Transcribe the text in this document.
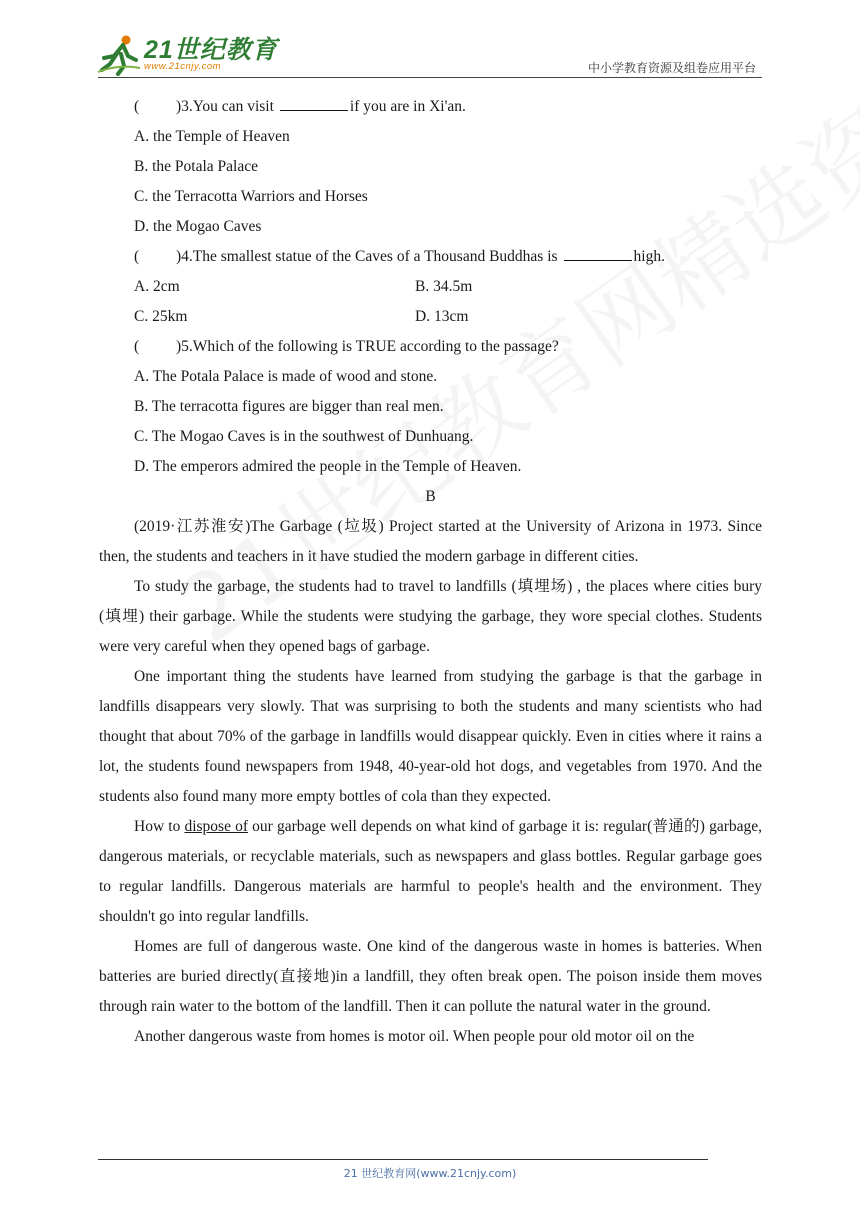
21世纪教育
www.21cnjy.com	中小学教育资源及组卷应用平台
( )3.You can visit	if you are in Xi'an.
A. the Temple of Heaven
B. the Potala Palace
C. the Terracotta Warriors and Horses
D. the Mogao Caves
( )4.The smallest statue of the Caves of a Thousand Buddhas is	high.
A. 2cm	B. 34.5m
C. 25km	D. 13cm
( )5.Which of the following is TRUE according to the passage?
A. The Potala Palace is made of wood and stone.
B. The terracotta figures are bigger than real men.
C. The Mogao Caves is in the southwest of Dunhuang.
D. The emperors admired the people in the Temple of Heaven.
B

(2019·江苏淮安)The Garbage (垃圾) Project started at the University of Arizona in 1973. Since then, the students and teachers in it have studied the modern garbage in different cities.

To study the garbage, the students had to travel to landfills (填埋场) , the places where cities bury (填埋) their garbage. While the students were studying the garbage, they wore special clothes. Students were very careful when they opened bags of garbage.

One important thing the students have learned from studying the garbage is that the garbage in landfills disappears very slowly. That was surprising to both the students and many scientists who had thought that about 70% of the garbage in landfills would disappear quickly. Even in cities where it rains a lot, the students found newspapers from 1948, 40-year-old hot dogs, and vegetables from 1970. And the students also found many more empty bottles of cola than they expected.

How to dispose of our garbage well depends on what kind of garbage it is: regular(普通的) garbage, dangerous materials, or recyclable materials, such as newspapers and glass bottles. Regular garbage goes to regular landfills. Dangerous materials are harmful to people's health and the environment. They shouldn't go into regular landfills.

Homes are full of dangerous waste. One kind of the dangerous waste in homes is batteries. When batteries are buried directly(直接地)in a landfill, they often break open. The poison inside them moves through rain water to the bottom of the landfill. Then it can pollute the natural water in the ground.

Another dangerous waste from homes is motor oil. When people pour old motor oil on the

21 世纪教育网(www.21cnjy.com)
